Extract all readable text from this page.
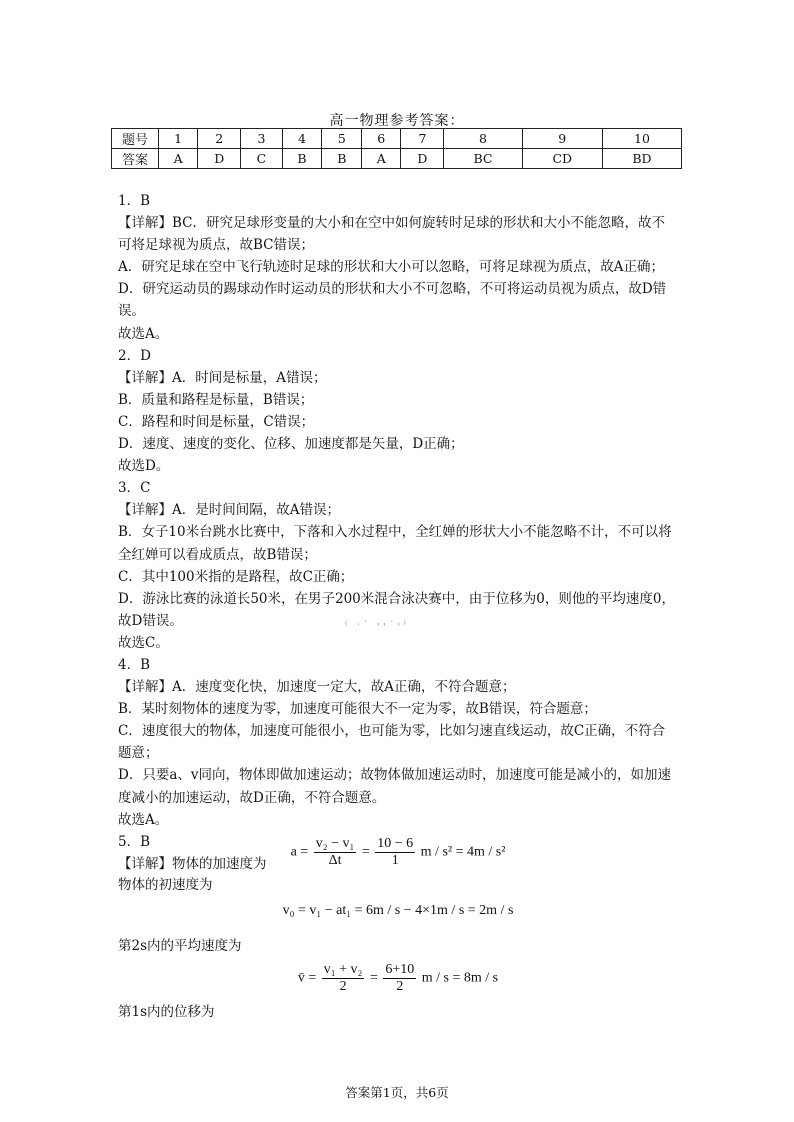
高一物理参考答案：
题号	1	2	3	4	5	6	7	8	9	10
答案	A	D	C	B	B	A	D	BC	CD	BD

1．B

【详解】BC．研究足球形变量的大小和在空中如何旋转时足球的形状和大小不能忽略，故不可将足球视为质点，故BC错误；

A．研究足球在空中飞行轨迹时足球的形状和大小可以忽略，可将足球视为质点，故A正确；

D．研究运动员的踢球动作时运动员的形状和大小不可忽略，不可将运动员视为质点，故D错误。

故选A。

2．D

【详解】A．时间是标量，A错误；

B．质量和路程是标量，B错误；

C．路程和时间是标量，C错误；

D．速度、速度的变化、位移、加速度都是矢量，D正确；

故选D。

3．C

【详解】A．是时间间隔，故A错误；

B．女子10米台跳水比赛中，下落和入水过程中，全红婵的形状大小不能忽略不计，不可以将全红婵可以看成质点，故B错误；

C．其中100米指的是路程，故C正确；

D．游泳比赛的泳道长50米，在男子200米混合泳决赛中，由于位移为0，则他的平均速度0，故D错误。

故选C。

4．B

【详解】A．速度变化快，加速度一定大，故A正确，不符合题意；

B．某时刻物体的速度为零，加速度可能很大不一定为零，故B错误，符合题意；

C．速度很大的物体，加速度可能很小，也可能为零，比如匀速直线运动，故C正确，不符合题意；

D．只要a、v同向，物体即做加速运动；故物体做加速运动时，加速度可能是减小的，如加速度减小的加速运动，故D正确，不符合题意。

故选A。

5．B

【详解】物体的加速度为

⁽ ˑ˙ ˒˒˙˒⁾
$a = \frac{\text{v₂ − v₁}}{\Delta t} = \frac{10 - 6}{1}$ m / s² = 4m / s²
物体的初速度为
v₀ = v₁ − at₁ = 6m / s − 4×1m / s = 2m / s
第2s内的平均速度为
v̄ = $\frac{\text{v₁ + v₂}}{2} = \frac{6+10}{2}$ m / s = 8m / s
第1s内的位移为
答案第1页，共6页
